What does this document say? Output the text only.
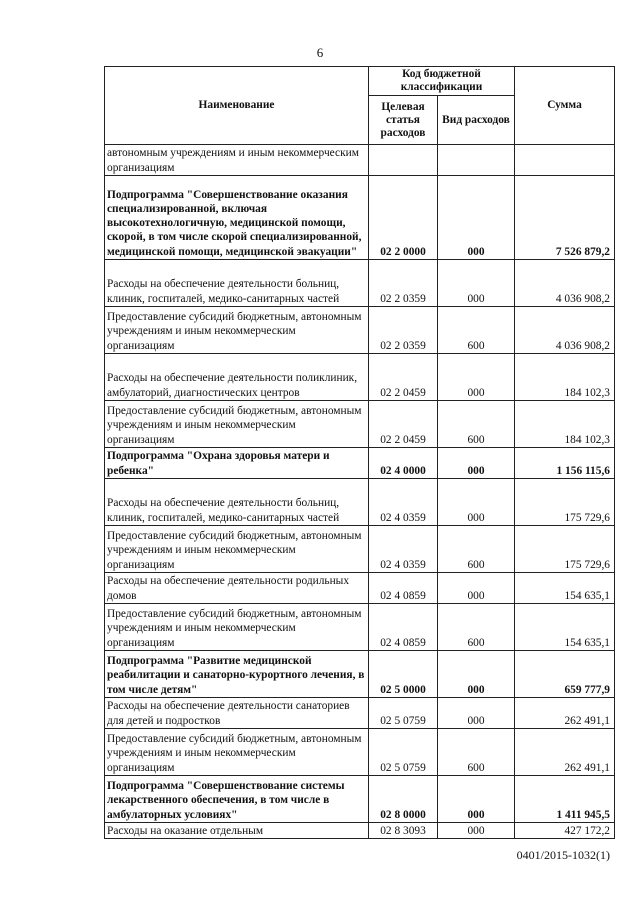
6
Наименование	Код бюджетной классификации		Сумма
	Целевая статья расходов	Вид расходов	
автономным учреждениям и иным некоммерческим организациям			
Подпрограмма "Совершенствование оказания специализированной, включая высокотехнологичную, медицинской помощи, скорой, в том числе скорой специализированной, медицинской помощи, медицинской эвакуации"	02 2 0000	000	7 526 879,2
Расходы на обеспечение деятельности больниц, клиник, госпиталей, медико-санитарных частей	02 2 0359	000	4 036 908,2
Предоставление субсидий бюджетным, автономным учреждениям и иным некоммерческим организациям	02 2 0359	600	4 036 908,2
Расходы на обеспечение деятельности поликлиник, амбулаторий, диагностических центров	02 2 0459	000	184 102,3
Предоставление субсидий бюджетным, автономным учреждениям и иным некоммерческим организациям	02 2 0459	600	184 102,3
Подпрограмма "Охрана здоровья матери и ребенка"	02 4 0000	000	1 156 115,6
Расходы на обеспечение деятельности больниц, клиник, госпиталей, медико-санитарных частей	02 4 0359	000	175 729,6
Предоставление субсидий бюджетным, автономным учреждениям и иным некоммерческим организациям	02 4 0359	600	175 729,6
Расходы на обеспечение деятельности родильных домов	02 4 0859	000	154 635,1
Предоставление субсидий бюджетным, автономным учреждениям и иным некоммерческим организациям	02 4 0859	600	154 635,1
Подпрограмма "Развитие медицинской реабилитации и санаторно-курортного лечения, в том числе детям"	02 5 0000	000	659 777,9
Расходы на обеспечение деятельности санаториев для детей и подростков	02 5 0759	000	262 491,1
Предоставление субсидий бюджетным, автономным учреждениям и иным некоммерческим организациям	02 5 0759	600	262 491,1
Подпрограмма "Совершенствование системы лекарственного обеспечения, в том числе в амбулаторных условиях"	02 8 0000	000	1 411 945,5
Расходы на оказание отдельным	02 8 3093	000	427 172,2
0401/2015-1032(1)
